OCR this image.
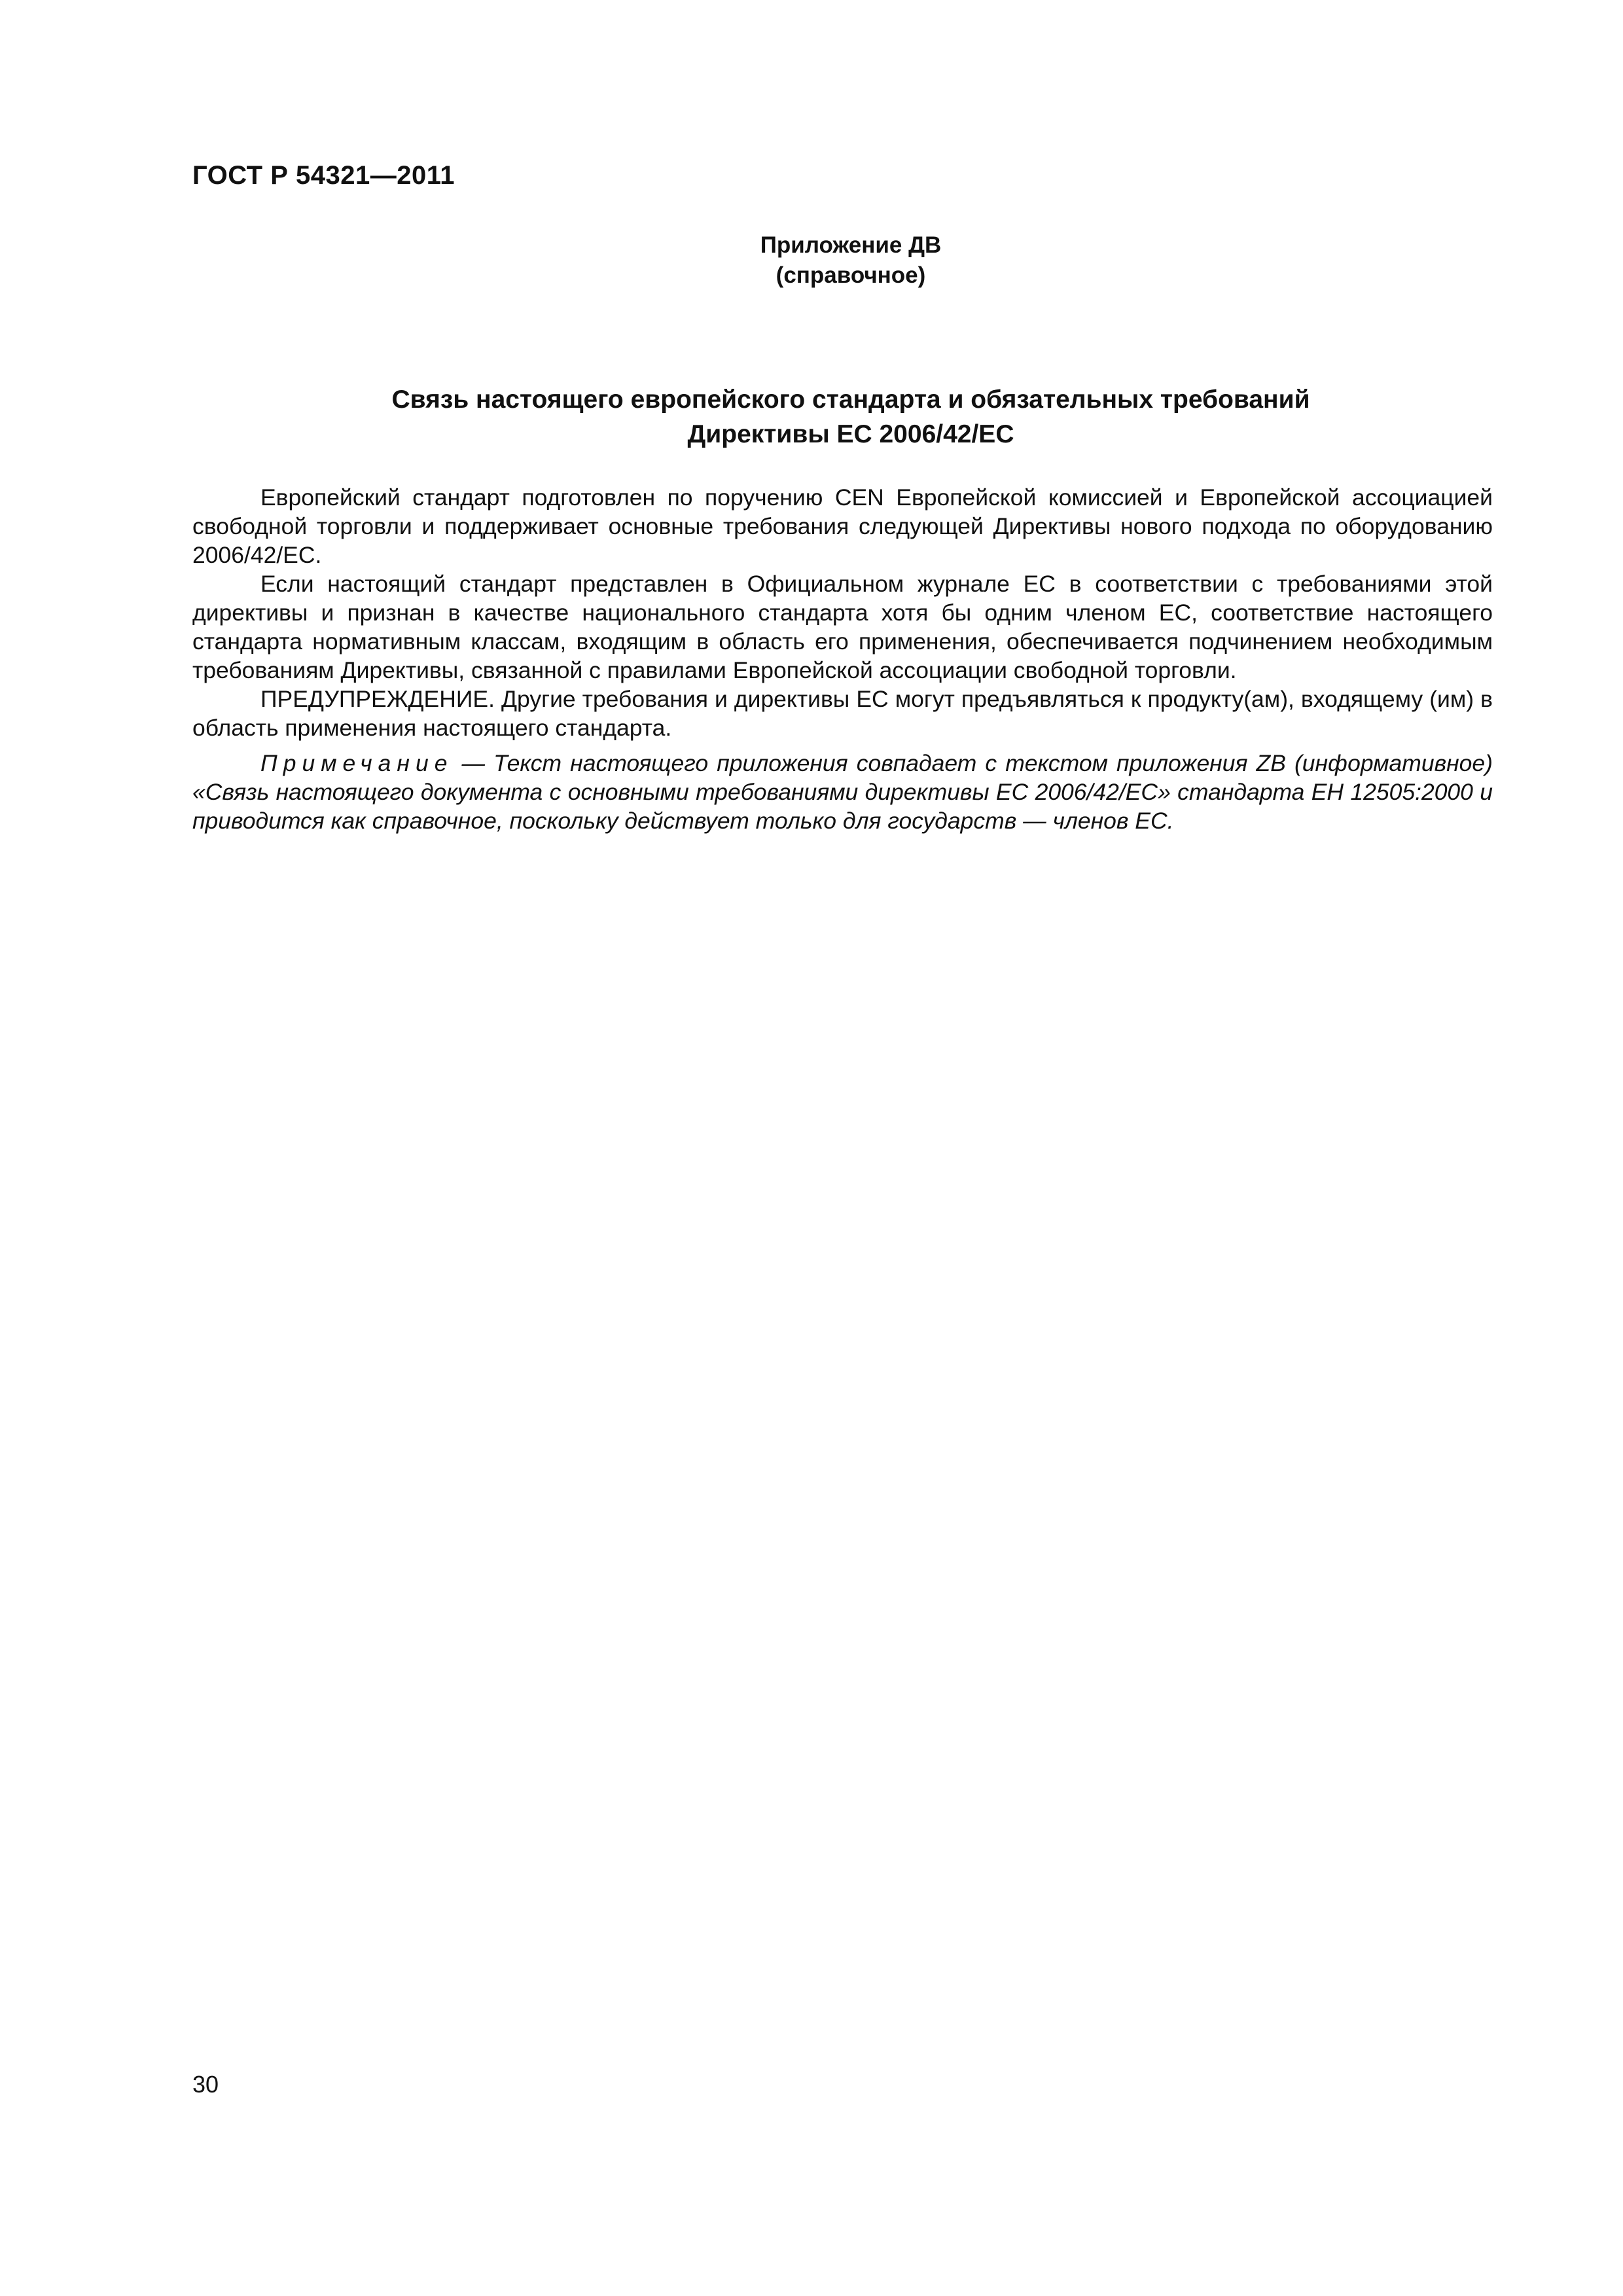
ГОСТ Р 54321—2011
Приложение ДВ
(справочное)
Связь настоящего европейского стандарта и обязательных требований
Директивы ЕС 2006/42/ЕС

Европейский стандарт подготовлен по поручению CEN Европейской комиссией и Европейской ассоциацией свободной торговли и поддерживает основные требования следующей Директивы нового подхода по оборудованию 2006/42/ЕС.

Если настоящий стандарт представлен в Официальном журнале ЕС в соответствии с требованиями этой директивы и признан в качестве национального стандарта хотя бы одним членом ЕС, соответствие настоящего стандарта нормативным классам, входящим в область его применения, обеспечивается подчинением необходимым требованиям Директивы, связанной с правилами Европейской ассоциации свободной торговли.

ПРЕДУПРЕЖДЕНИЕ. Другие требования и директивы ЕС могут предъявляться к продукту(ам), входящему (им) в область применения настоящего стандарта.

Примечание — Текст настоящего приложения совпадает с текстом приложения ZB (информативное) «Связь настоящего документа с основными требованиями директивы ЕС 2006/42/ЕС» стандарта ЕН 12505:2000 и приводится как справочное, поскольку действует только для государств — членов ЕС.

30
